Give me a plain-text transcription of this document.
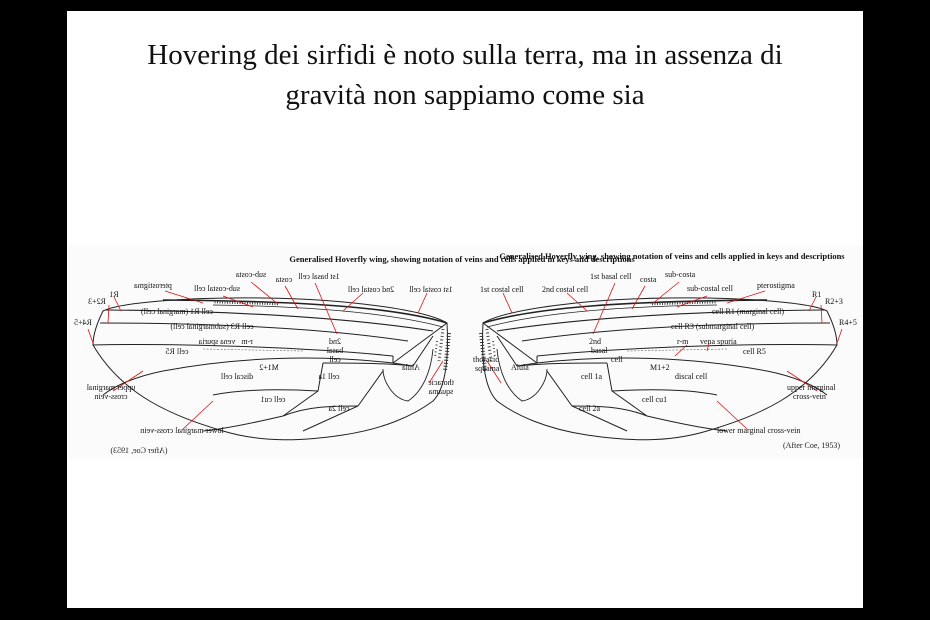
Hovering dei sirfidi è noto sulla terra, ma in assenza di
gravità non sappiamo come sia
Generalised Hoverfly wing, showing notation of veins and cells applied in keys and descriptions
(After Coe, 1953)
Generalised Hoverfly wing, showing notation of veins and cells applied in keys and descriptions
1st costal cell 2nd costal cell
1st basal cell costa
sub-costa
sub-costal cell	pterostigma
R1
R2+3
R4+5
cell R1 (marginal cell)
cell R3 (submarginal cell)
cell R5
r-m vena spuria
M1+2
discal cell
2nd basalcell
cell 1a
cell 2a
cell cu1
Alula
thoracic squama
upper marginal cross-vein
lower marginal cross-vein
(After Coe, 1953)
1st costal cell
2nd costal cell
1st basal cell
costa
sub-costa
sub-costal cell
pterostigma
R1
R2+3
R4+5
cell R1 (marginal cell)
cell R3 (submarginal cell)
cell R5
r-m
vena spuria
M1+2
discal cell	cell 1a
cell 2a
cell cu1
Alula
thoracic squama
upper marginal cross-vein
lower marginal cross-vein
2nd basal cell
